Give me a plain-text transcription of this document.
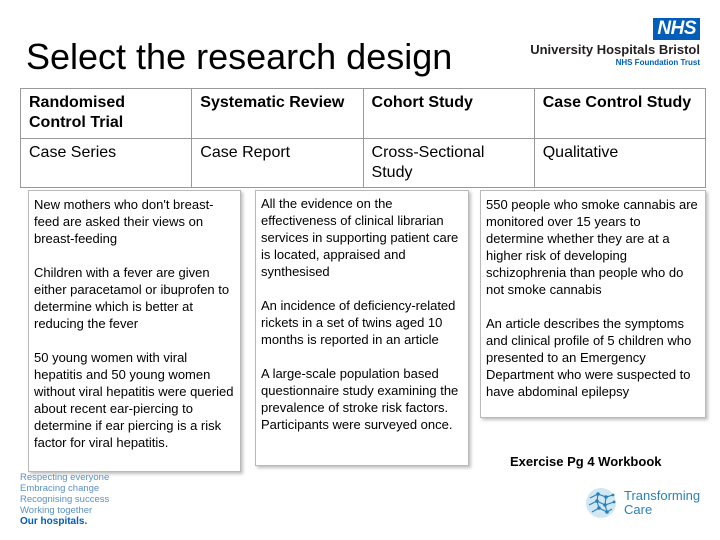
Select the research design
NHS
University Hospitals Bristol
NHS Foundation Trust
Randomised Control Trial	Systematic Review	Cohort Study	Case Control Study
Case Series	Case Report	Cross-Sectional Study	Qualitative

New mothers who don't breast-feed are asked their views on breast-feeding

Children with a fever are given either paracetamol or ibuprofen to determine which is better at reducing the fever

50 young women with viral hepatitis and 50 young women without viral hepatitis were queried about recent ear-piercing to determine if ear piercing is a risk factor for viral hepatitis.

All the evidence on the effectiveness of clinical librarian services in supporting patient care is located, appraised and synthesised

An incidence of deficiency-related rickets in a set of twins aged 10 months is reported in an article

A large-scale population based questionnaire study examining the prevalence of stroke risk factors. Participants were surveyed once.

550 people who smoke cannabis are monitored over 15 years to determine whether they are at a higher risk of developing schizophrenia than people who do not smoke cannabis

An article describes the symptoms and clinical profile of 5 children who presented to an Emergency Department who were suspected to have abdominal epilepsy

Exercise Pg 4 Workbook
Respecting everyone
Embracing change
Recognising success
Working together
Our hospitals.
Transforming
Care
